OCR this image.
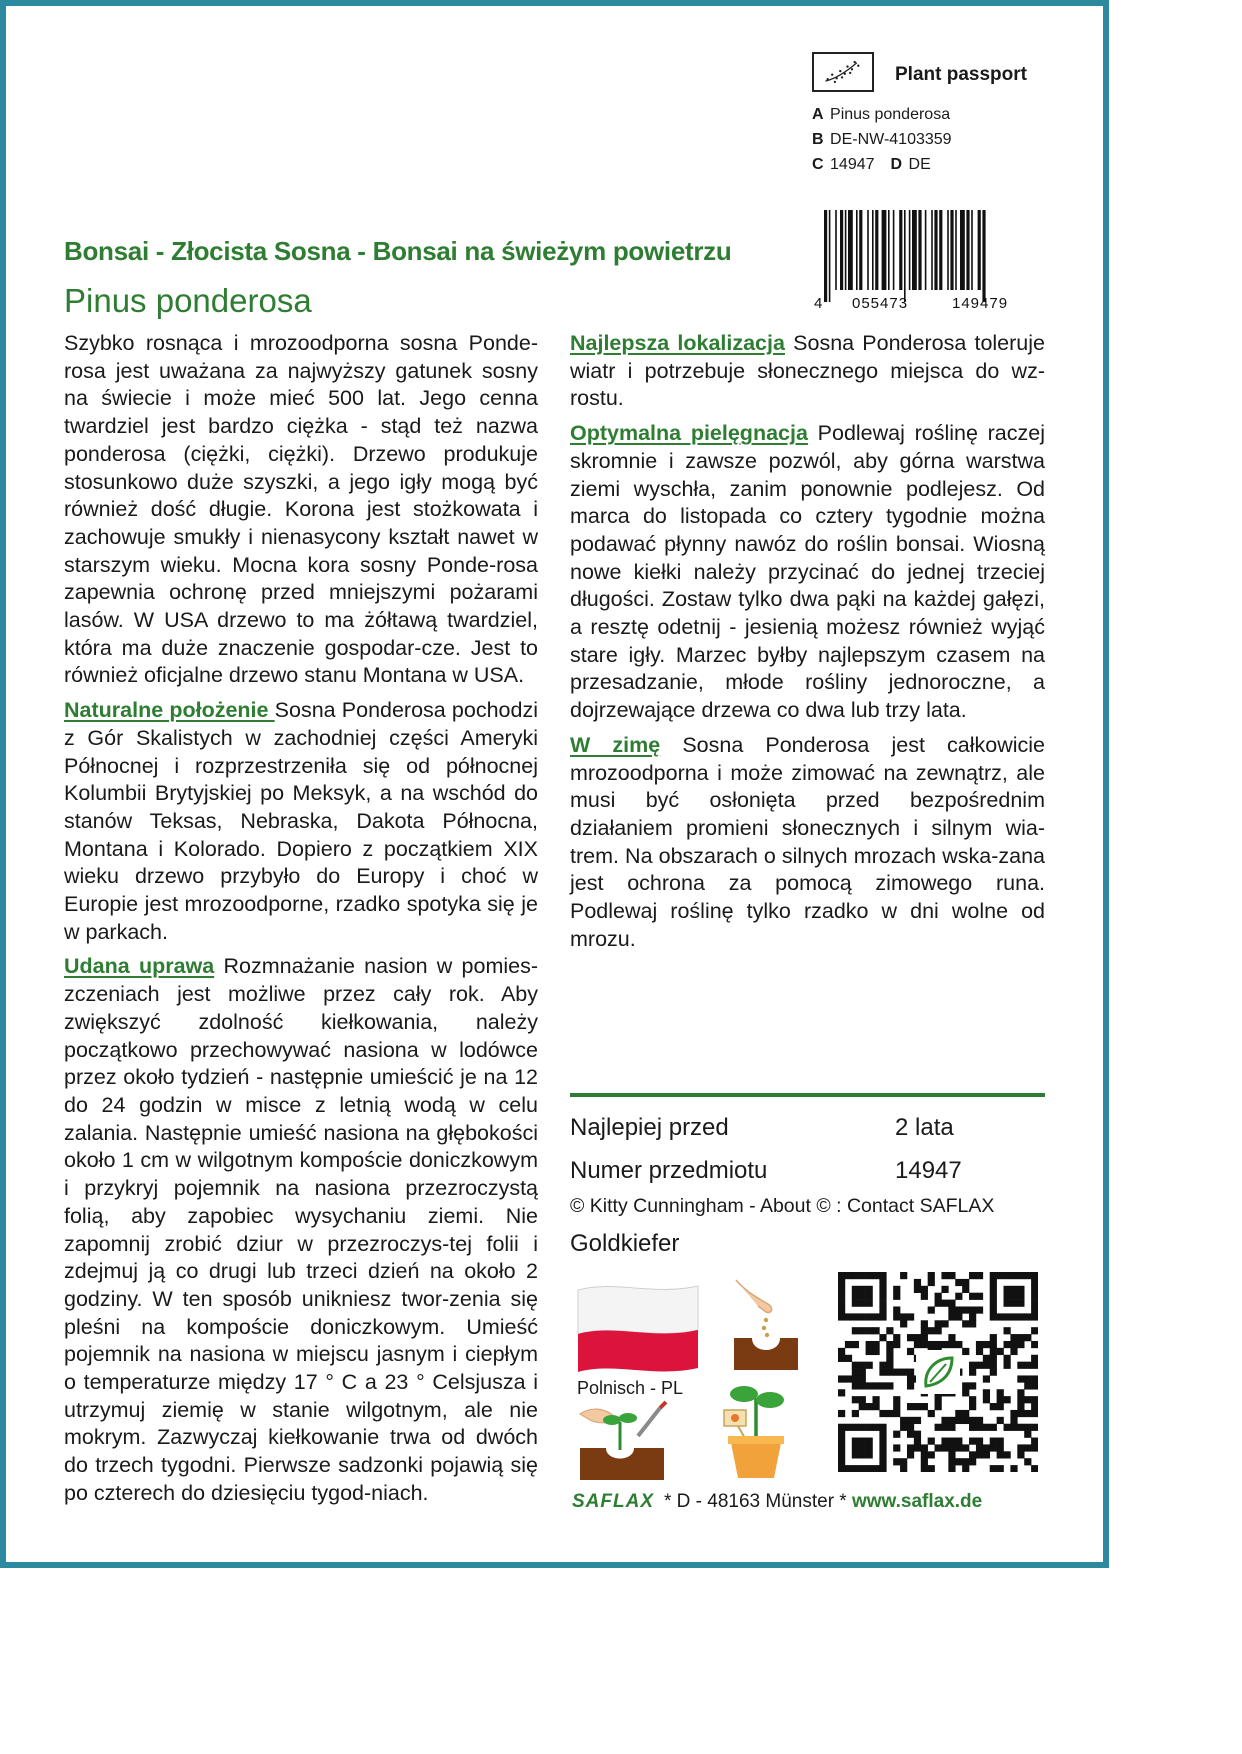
Plant passport
A Pinus ponderosa
B DE-NW-4103359
C 14947 D DE
4 055473	149479
Bonsai - Złocista Sosna - Bonsai na świeżym powietrzu
Pinus ponderosa

Szybko rosnąca i mrozoodporna sosna Ponde-rosa jest uważana za najwyższy gatunek sosny na świecie i może mieć 500 lat. Jego cenna twardziel jest bardzo ciężka - stąd też nazwa ponderosa (ciężki, ciężki). Drzewo produkuje stosunkowo duże szyszki, a jego igły mogą być również dość długie. Korona jest stożkowata i zachowuje smukły i nienasycony kształt nawet w starszym wieku. Mocna kora sosny Ponde-rosa zapewnia ochronę przed mniejszymi pożarami lasów. W USA drzewo to ma żółtawą twardziel, która ma duże znaczenie gospodar-cze. Jest to również oficjalne drzewo stanu Montana w USA.

Naturalne położenie Sosna Ponderosa pochodzi z Gór Skalistych w zachodniej części Ameryki Północnej i rozprzestrzeniła się od północnej Kolumbii Brytyjskiej po Meksyk, a na wschód do stanów Teksas, Nebraska, Dakota Północna, Montana i Kolorado. Dopiero z początkiem XIX wieku drzewo przybyło do Europy i choć w Europie jest mrozoodporne, rzadko spotyka się je w parkach.

Udana uprawa Rozmnażanie nasion w pomies-zczeniach jest możliwe przez cały rok. Aby zwiększyć zdolność kiełkowania, należy początkowo przechowywać nasiona w lodówce przez około tydzień - następnie umieścić je na 12 do 24 godzin w misce z letnią wodą w celu zalania. Następnie umieść nasiona na głębokości około 1 cm w wilgotnym kompoście doniczkowym i przykryj pojemnik na nasiona przezroczystą folią, aby zapobiec wysychaniu ziemi. Nie zapomnij zrobić dziur w przezroczys-tej folii i zdejmuj ją co drugi lub trzeci dzień na około 2 godziny. W ten sposób unikniesz twor-zenia się pleśni na kompoście doniczkowym. Umieść pojemnik na nasiona w miejscu jasnym i ciepłym o temperaturze między 17 ° C a 23 ° Celsjusza i utrzymuj ziemię w stanie wilgotnym, ale nie mokrym. Zazwyczaj kiełkowanie trwa od dwóch do trzech tygodni. Pierwsze sadzonki pojawią się po czterech do dziesięciu tygod-niach.

Najlepsza lokalizacja Sosna Ponderosa toleruje wiatr i potrzebuje słonecznego miejsca do wz-rostu.

Optymalna pielęgnacja Podlewaj roślinę raczej skromnie i zawsze pozwól, aby górna warstwa ziemi wyschła, zanim ponownie podlejesz. Od marca do listopada co cztery tygodnie można podawać płynny nawóz do roślin bonsai. Wiosną nowe kiełki należy przycinać do jednej trzeciej długości. Zostaw tylko dwa pąki na każdej gałęzi, a resztę odetnij - jesienią możesz również wyjąć stare igły. Marzec byłby najlepszym czasem na przesadzanie, młode rośliny jednoroczne, a dojrzewające drzewa co dwa lub trzy lata.

W zimę Sosna Ponderosa jest całkowicie mrozoodporna i może zimować na zewnątrz, ale musi być osłonięta przed bezpośrednim działaniem promieni słonecznych i silnym wia-trem. Na obszarach o silnych mrozach wska-zana jest ochrona za pomocą zimowego runa. Podlewaj roślinę tylko rzadko w dni wolne od mrozu.

Najlepiej przed	2 lata
Numer przedmiotu	14947
© Kitty Cunningham - About © : Contact SAFLAX
Goldkiefer
Polnisch - PL
SAFLAX * D - 48163 Münster * www.saflax.de
